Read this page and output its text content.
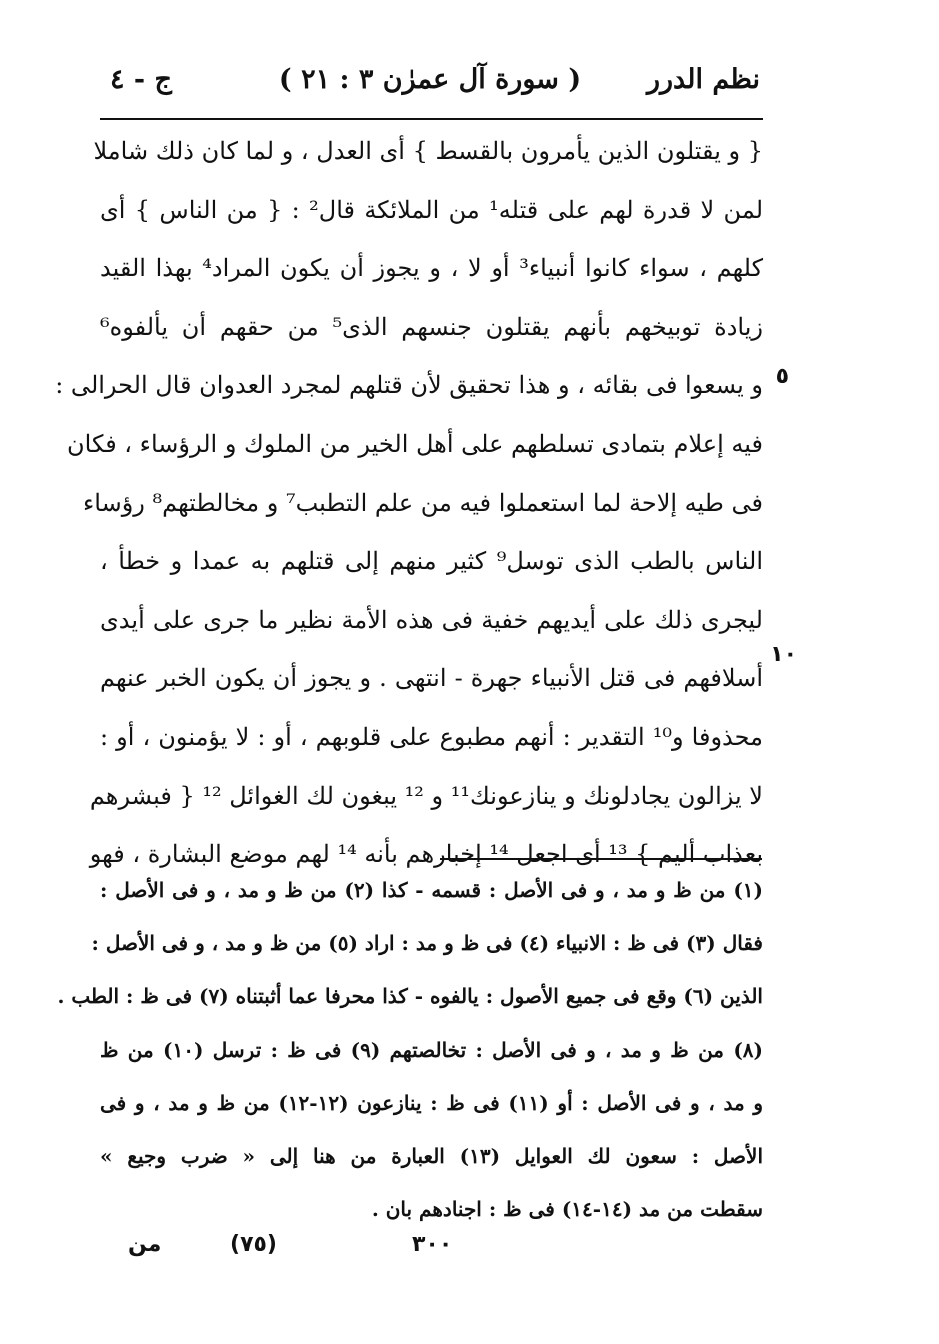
نظم الدرر
( سورة آل عمرٰن ٣ : ٢١ )
ج - ٤
{ و يقتلون الذين يأمرون بالقسط } أى العدل ، و لما كان ذلك شاملا
لمن لا قدرة لهم على قتله¹ من الملائكة قال² : { من الناس } أى
كلهم ، سواء كانوا أنبياء³ أو لا ، و يجوز أن يكون المراد⁴ بهذا القيد
زيادة توبيخهم بأنهم يقتلون جنسهم الذى⁵ من حقهم أن يألفوه⁶
و يسعوا فى بقائه ، و هذا تحقيق لأن قتلهم لمجرد العدوان قال الحرالى :
فيه إعلام بتمادى تسلطهم على أهل الخير من الملوك و الرؤساء ، فكان
فى طيه إلاحة لما استعملوا فيه من علم التطبب⁷ و مخالطتهم⁸ رؤساء
الناس بالطب الذى توسل⁹ كثير منهم إلى قتلهم به عمدا و خطأ ،
ليجرى ذلك على أيديهم خفية فى هذه الأمة نظير ما جرى على أيدى
أسلافهم فى قتل الأنبياء جهرة - انتهى . و يجوز أن يكون الخبر عنهم
محذوفا و¹⁰ التقدير : أنهم مطبوع على قلوبهم ، أو : لا يؤمنون ، أو :
لا يزالون يجادلونك و ينازعونك¹¹ و ¹² يبغون لك الغوائل ¹² { فبشرهم
بعذاب أليم } ¹³ أى اجعل ¹⁴ إخبارهم بأنه ¹⁴ لهم موضع البشارة ، فهو
٥
١٠
(١) من ظ و مد ، و فى الأصل : قسمه - كذا (٢) من ظ و مد ، و فى الأصل :
فقال (٣) فى ظ : الانبياء (٤) فى ظ و مد : اراد (٥) من ظ و مد ، و فى الأصل :
الذين (٦) وقع فى جميع الأصول : يالفوه - كذا محرفا عما أثبتناه (٧) فى ظ : الطب .
(٨) من ظ و مد ، و فى الأصل : تخالصتهم (٩) فى ظ : ترسل (١٠) من ظ
و مد ، و فى الأصل : أو (١١) فى ظ : ينازعون (١٢-١٢) من ظ و مد ، و فى
الأصل : سعون لك العوايل (١٣) العبارة من هنا إلى « ضرب وجيع »
سقطت من مد (١٤-١٤) فى ظ : اجنادهم بان .
من	(٧٥)	٣٠٠
